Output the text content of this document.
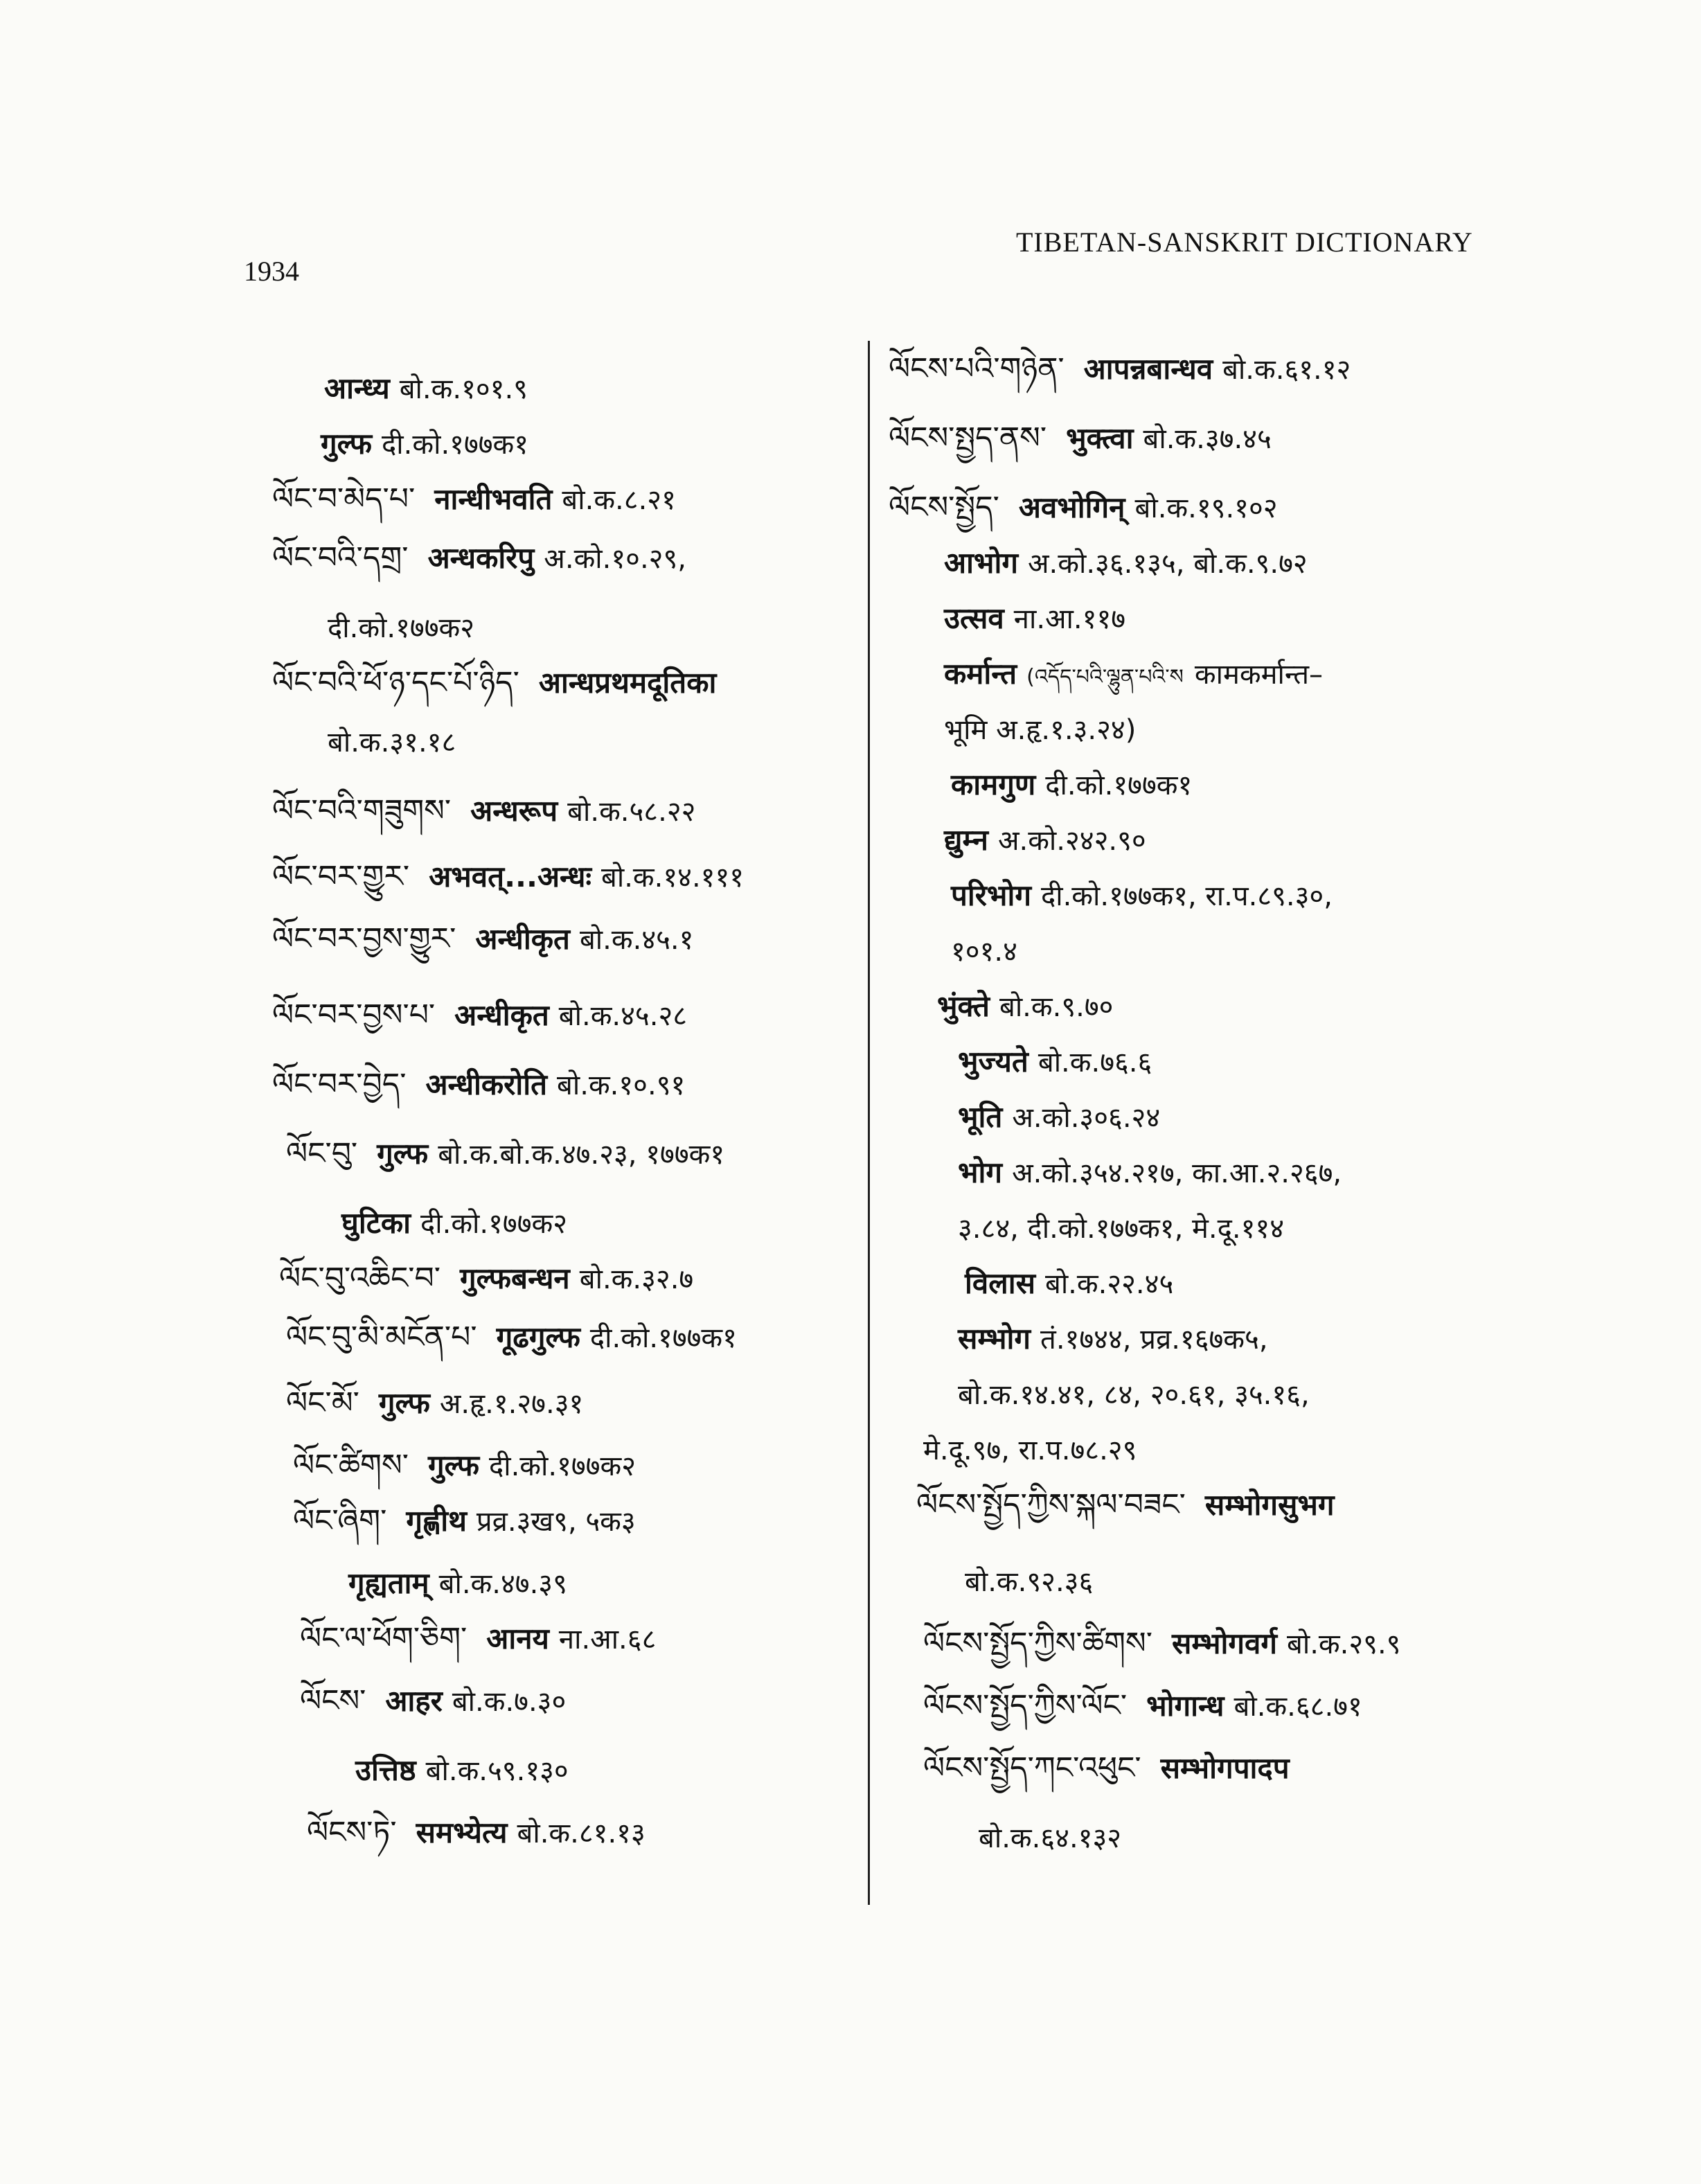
1934
TIBETAN-SANSKRIT DICTIONARY
आन्ध्य बो.क.१०१.९
गुल्फ दी.को.१७७क१
ལོང་བ་མེད་པ་ नान्धीभवति बो.क.८.२१
ལོང་བའི་དགྲ་ अन्धकरिपु अ.को.१०.२९,
दी.को.१७७क२
ལོང་བའི་ཕོ་ཉ་དང་པོ་ཉིད་ आन्धप्रथमदूतिका
बो.क.३१.१८
ལོང་བའི་གཟུགས་ अन्धरूप बो.क.५८.२२
ལོང་བར་གྱུར་ अभवत्...अन्धः बो.क.१४.१११
ལོང་བར་བྱས་གྱུར་ अन्धीकृत बो.क.४५.१
ལོང་བར་བྱས་པ་ अन्धीकृत बो.क.४५.२८
ལོང་བར་བྱེད་ अन्धीकरोति बो.क.१०.९१
ལོང་བུ་ गुल्फ बो.क.बो.क.४७.२३, १७७क१
घुटिका दी.को.१७७क२
ལོང་བུ་འཆིང་བ་ गुल्फबन्धन बो.क.३२.७
ལོང་བུ་མི་མངོན་པ་ गूढगुल्फ दी.को.१७७क१
ལོང་མོ་ गुल्फ अ.हृ.१.२७.३१
ལོང་ཚིགས་ गुल्फ दी.को.१७७क२
ལོང་ཞིག་ गृह्णीथ प्रव्र.३ख९, ५क३
गृह्यताम् बो.क.४७.३९
ལོང་ལ་ཕོག་ཅིག་ आनय ना.आ.६८
ལོངས་ आहर बो.क.७.३०
उत्तिष्ठ बो.क.५९.१३०
ལོངས་ཏེ་ समभ्येत्य बो.क.८१.१३
ལོངས་པའི་གཉེན་ आपन्नबान्धव बो.क.६१.१२
ལོངས་སྤྱད་ནས་ भुक्त्वा बो.क.३७.४५
ལོངས་སྤྱོད་ अवभोगिन् बो.क.१९.१०२
आभोग अ.को.३६.१३५, बो.क.९.७२
उत्सव ना.आ.११७
कर्मान्त (འདོད་པའི་ལྷུན་པའི་ས कामकर्मान्त–
भूमि अ.हृ.१.३.२४)
कामगुण दी.को.१७७क१
द्युम्न अ.को.२४२.९०
परिभोग दी.को.१७७क१, रा.प.८९.३०,
१०१.४
भुंक्ते बो.क.९.७०
भुज्यते बो.क.७६.६
भूति अ.को.३०६.२४
भोग अ.को.३५४.२१७, का.आ.२.२६७,
३.८४, दी.को.१७७क१, मे.दू.११४
विलास बो.क.२२.४५
सम्भोग तं.१७४४, प्रव्र.१६७क५,
बो.क.१४.४१, ८४, २०.६१, ३५.१६,
मे.दू.९७, रा.प.७८.२९
ལོངས་སྤྱོད་ཀྱིས་སྐལ་བཟང་ सम्भोगसुभग
बो.क.९२.३६
ལོངས་སྤྱོད་ཀྱིས་ཚིགས་ सम्भोगवर्ग बो.क.२९.९
ལོངས་སྤྱོད་ཀྱིས་ལོང་ भोगान्ध बो.क.६८.७१
ལོངས་སྤྱོད་ཀང་འཕུང་ सम्भोगपादप
बो.क.६४.१३२
